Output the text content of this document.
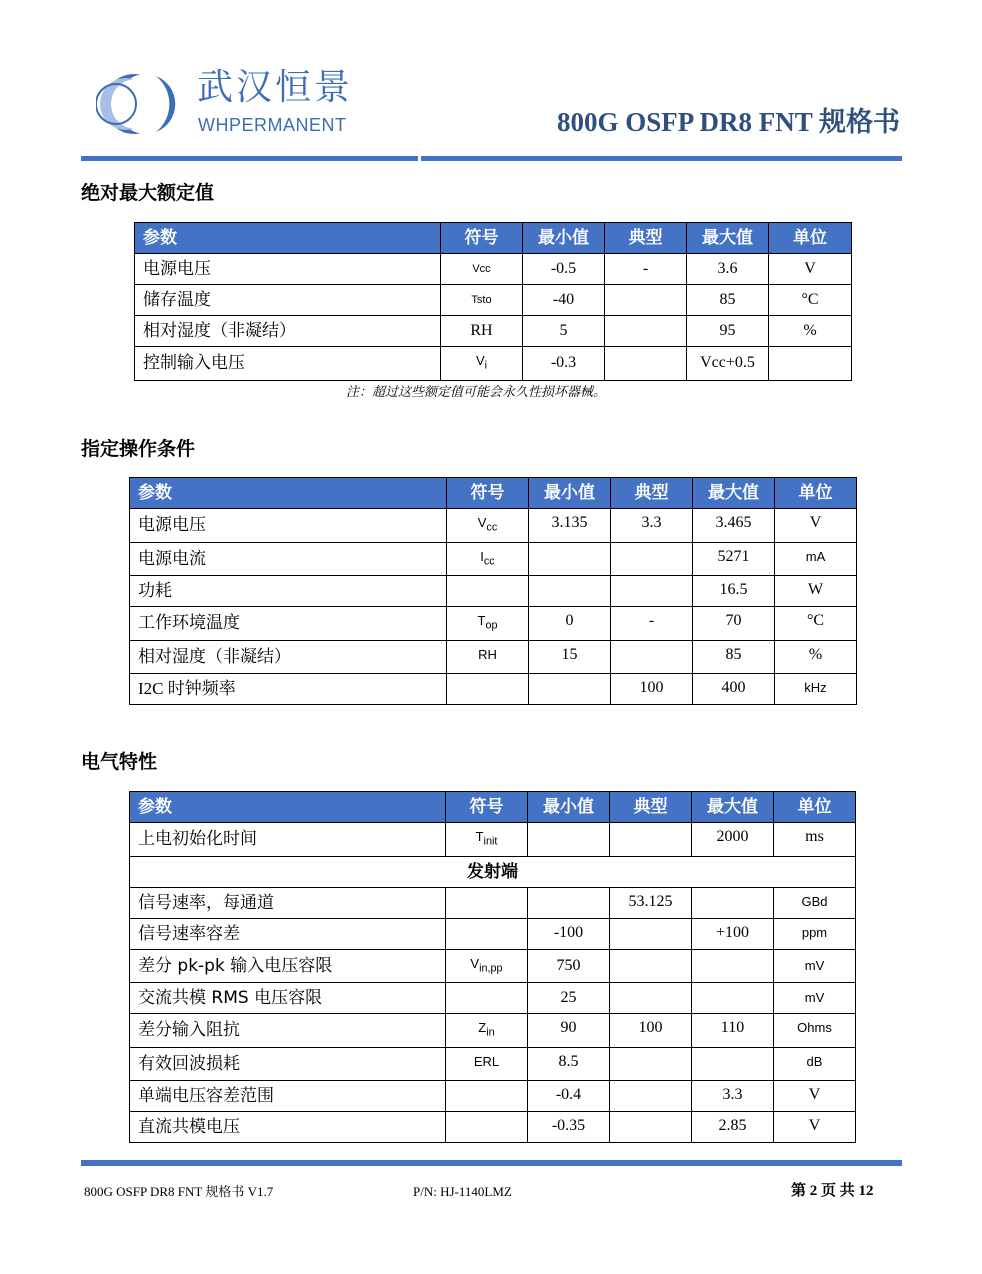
武汉恒景
WHPERMANENT	800G OSFP DR8 FNT 规格书
绝对最大额定值
参数	符号	最小值	典型	最大值	单位
电源电压	Vcc	-0.5	-	3.6	V
储存温度	Tsto	-40		85	°C
相对湿度（非凝结）	RH	5		95	%
控制输入电压	$V_i$	-0.3		Vcc+0.5	
注：超过这些额定值可能会永久性损坏器械。
指定操作条件
参数	符号	最小值	典型	最大值	单位
电源电压	$V_{cc}$	3.135	3.3	3.465	V
电源电流	$I_{cc}$			5271	mA
功耗				16.5	W
工作环境温度	$T_{op}$	0	-	70	°C
相对湿度（非凝结）	RH	15		85	%
I2C 时钟频率			100	400	kHz
电气特性
参数	符号	最小值	典型	最大值	单位
上电初始化时间	$T_{init}$			2000	ms
发射端					
信号速率，每通道			53.125		GBd
信号速率容差		-100		+100	ppm
差分 pk-pk 输入电压容限	$V_{in,pp}$	750			mV
交流共模 RMS 电压容限		25			mV
差分输入阻抗	$Z_{in}$	90	100	110	Ohms
有效回波损耗	ERL	8.5			dB
单端电压容差范围		-0.4		3.3	V
直流共模电压		-0.35		2.85	V
800G OSFP DR8 FNT 规格书 V1.7	P/N: HJ-1140LMZ	第 2 页 共 12
